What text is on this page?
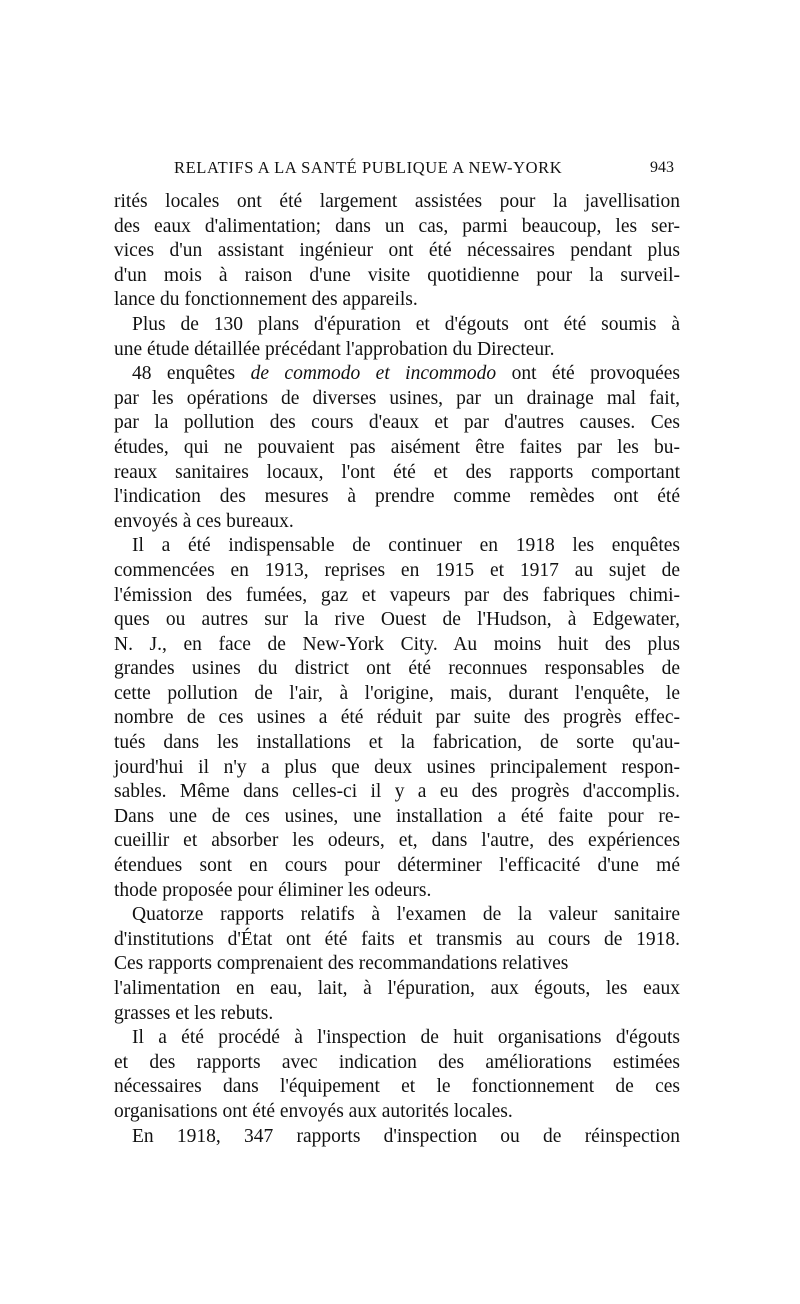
RELATIFS A LA SANTÉ PUBLIQUE A NEW-YORK	943
rités locales ont été largement assistées pour la javellisation
des eaux d'alimentation; dans un cas, parmi beaucoup, les ser-
vices d'un assistant ingénieur ont été nécessaires pendant plus
d'un mois à raison d'une visite quotidienne pour la surveil-
lance du fonctionnement des appareils.
Plus de 130 plans d'épuration et d'égouts ont été soumis à
une étude détaillée précédant l'approbation du Directeur.
48 enquêtes de commodo et incommodo ont été provoquées
par les opérations de diverses usines, par un drainage mal fait,
par la pollution des cours d'eaux et par d'autres causes. Ces
études, qui ne pouvaient pas aisément être faites par les bu-
reaux sanitaires locaux, l'ont été et des rapports comportant
l'indication des mesures à prendre comme remèdes ont été
envoyés à ces bureaux.
Il a été indispensable de continuer en 1918 les enquêtes
commencées en 1913, reprises en 1915 et 1917 au sujet de
l'émission des fumées, gaz et vapeurs par des fabriques chimi-
ques ou autres sur la rive Ouest de l'Hudson, à Edgewater,
N. J., en face de New-York City. Au moins huit des plus
grandes usines du district ont été reconnues responsables de
cette pollution de l'air, à l'origine, mais, durant l'enquête, le
nombre de ces usines a été réduit par suite des progrès effec-
tués dans les installations et la fabrication, de sorte qu'au-
jourd'hui il n'y a plus que deux usines principalement respon-
sables. Même dans celles-ci il y a eu des progrès d'accomplis.
Dans une de ces usines, une installation a été faite pour re-
cueillir et absorber les odeurs, et, dans l'autre, des expériences
étendues sont en cours pour déterminer l'efficacité d'une mé
thode proposée pour éliminer les odeurs.
Quatorze rapports relatifs à l'examen de la valeur sanitaire
d'institutions d'État ont été faits et transmis au cours de 1918.
Ces rapports comprenaient des recommandations relatives
l'alimentation en eau, lait, à l'épuration, aux égouts, les eaux
grasses et les rebuts.
Il a été procédé à l'inspection de huit organisations d'égouts
et des rapports avec indication des améliorations estimées
nécessaires dans l'équipement et le fonctionnement de ces
organisations ont été envoyés aux autorités locales.
En 1918, 347 rapports d'inspection ou de réinspection
